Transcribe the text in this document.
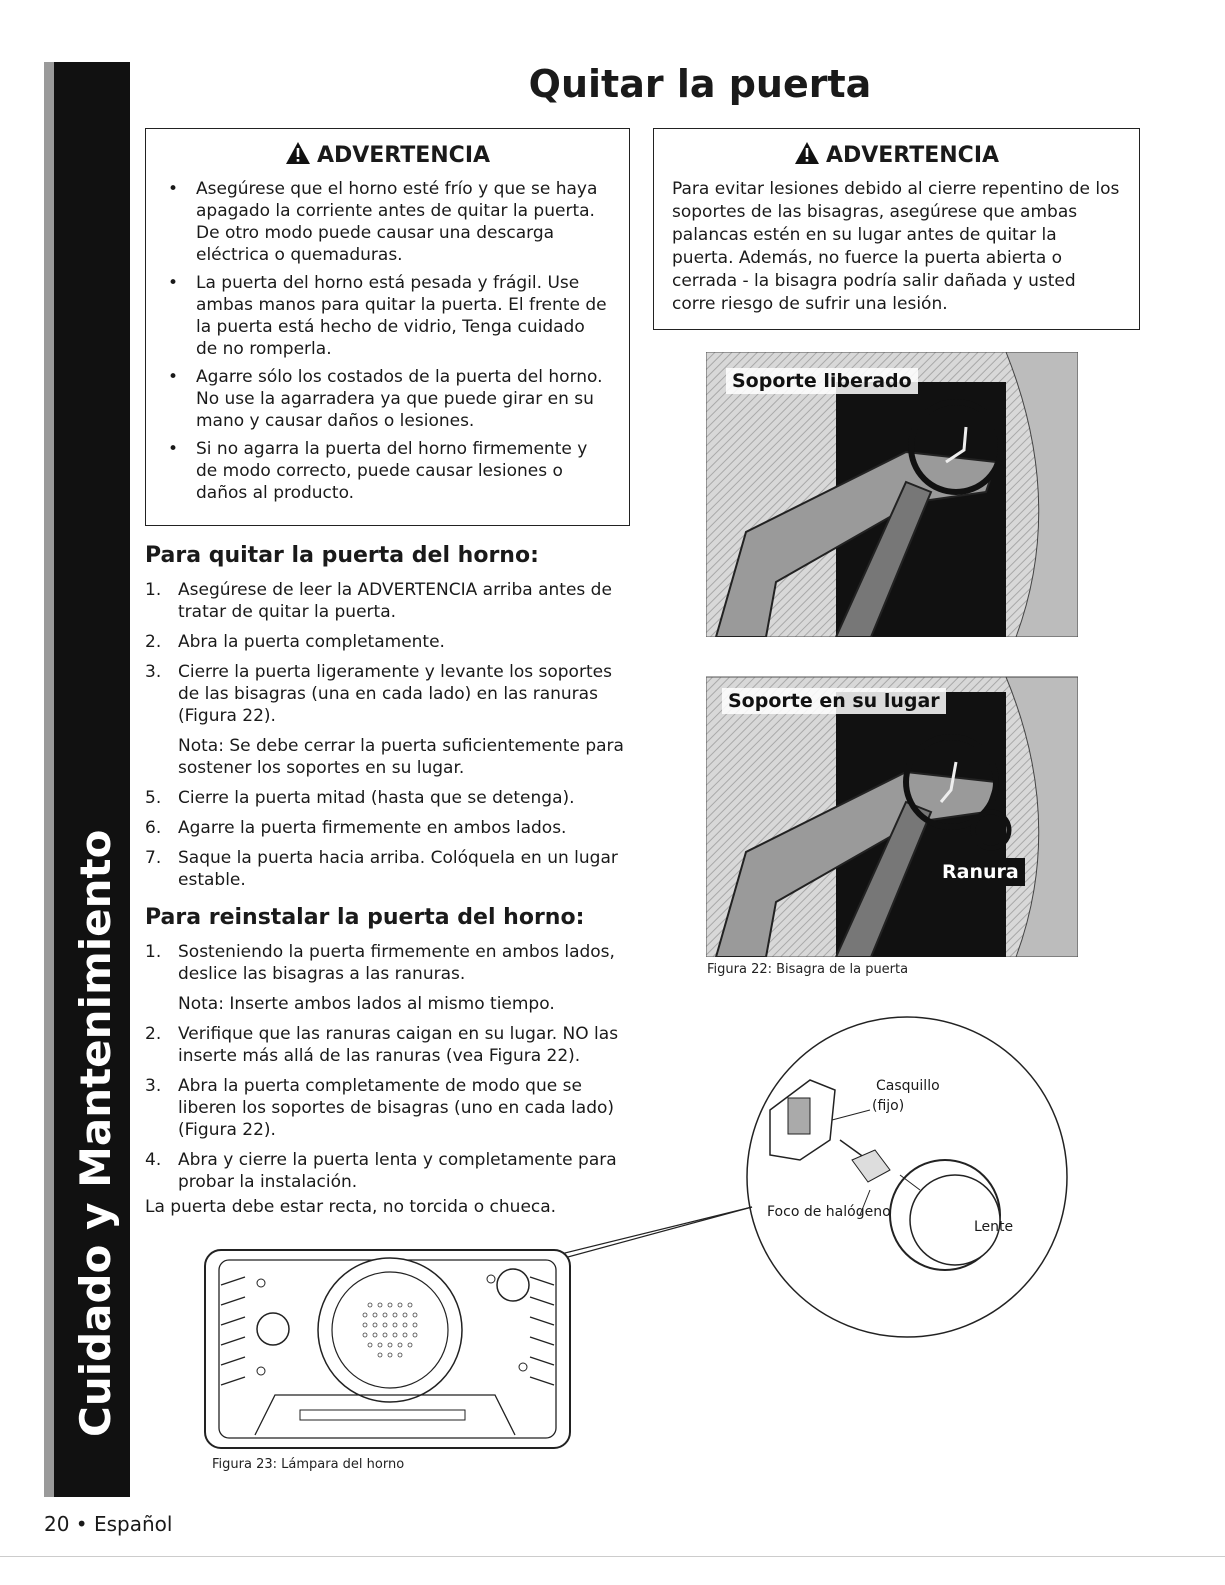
Cuidado y Mantenimiento
Quitar la puerta
ADVERTENCIA
• Asegúrese que el horno esté frío y que se haya apagado la corriente antes de quitar la puerta. De otro modo puede causar una descarga eléctrica o quemaduras.
• La puerta del horno está pesada y frágil. Use ambas manos para quitar la puerta. El frente de la puerta está hecho de vidrio, Tenga cuidado de no romperla.
• Agarre sólo los costados de la puerta del horno. No use la agarradera ya que puede girar en su mano y causar daños o lesiones.
• Si no agarra la puerta del horno firmemente y de modo correcto, puede causar lesiones o daños al producto.
ADVERTENCIA

Para evitar lesiones debido al cierre repentino de los soportes de las bisagras, asegúrese que ambas palancas estén en su lugar antes de quitar la puerta. Además, no fuerce la puerta abierta o cerrada - la bisagra podría salir dañada y usted corre riesgo de sufrir una lesión.

Para quitar la puerta del horno:
1. Asegúrese de leer la ADVERTENCIA arriba antes de tratar de quitar la puerta.
2. Abra la puerta completamente.
3. Cierre la puerta ligeramente y levante los soportes de las bisagras (una en cada lado) en las ranuras (Figura 22).
Nota: Se debe cerrar la puerta suficientemente para sostener los soportes en su lugar.
5. Cierre la puerta mitad (hasta que se detenga).
6. Agarre la puerta firmemente en ambos lados.
7. Saque la puerta hacia arriba. Colóquela en un lugar estable.
Para reinstalar la puerta del horno:
1. Sosteniendo la puerta firmemente en ambos lados, deslice las bisagras a las ranuras.
Nota: Inserte ambos lados al mismo tiempo.
2. Verifique que las ranuras caigan en su lugar. NO las inserte más allá de las ranuras (vea Figura 22).
3. Abra la puerta completamente de modo que se liberen los soportes de bisagras (uno en cada lado) (Figura 22).
4. Abra y cierre la puerta lenta y completamente para probar la instalación.

La puerta debe estar recta, no torcida o chueca.

Soporte liberado
Soporte en su lugar
Ranura

Figura 22: Bisagra de la puerta

Casquillo
(fijo)
Foco de halógeno
Lente

Figura 23: Lámpara del horno

20 • Español
